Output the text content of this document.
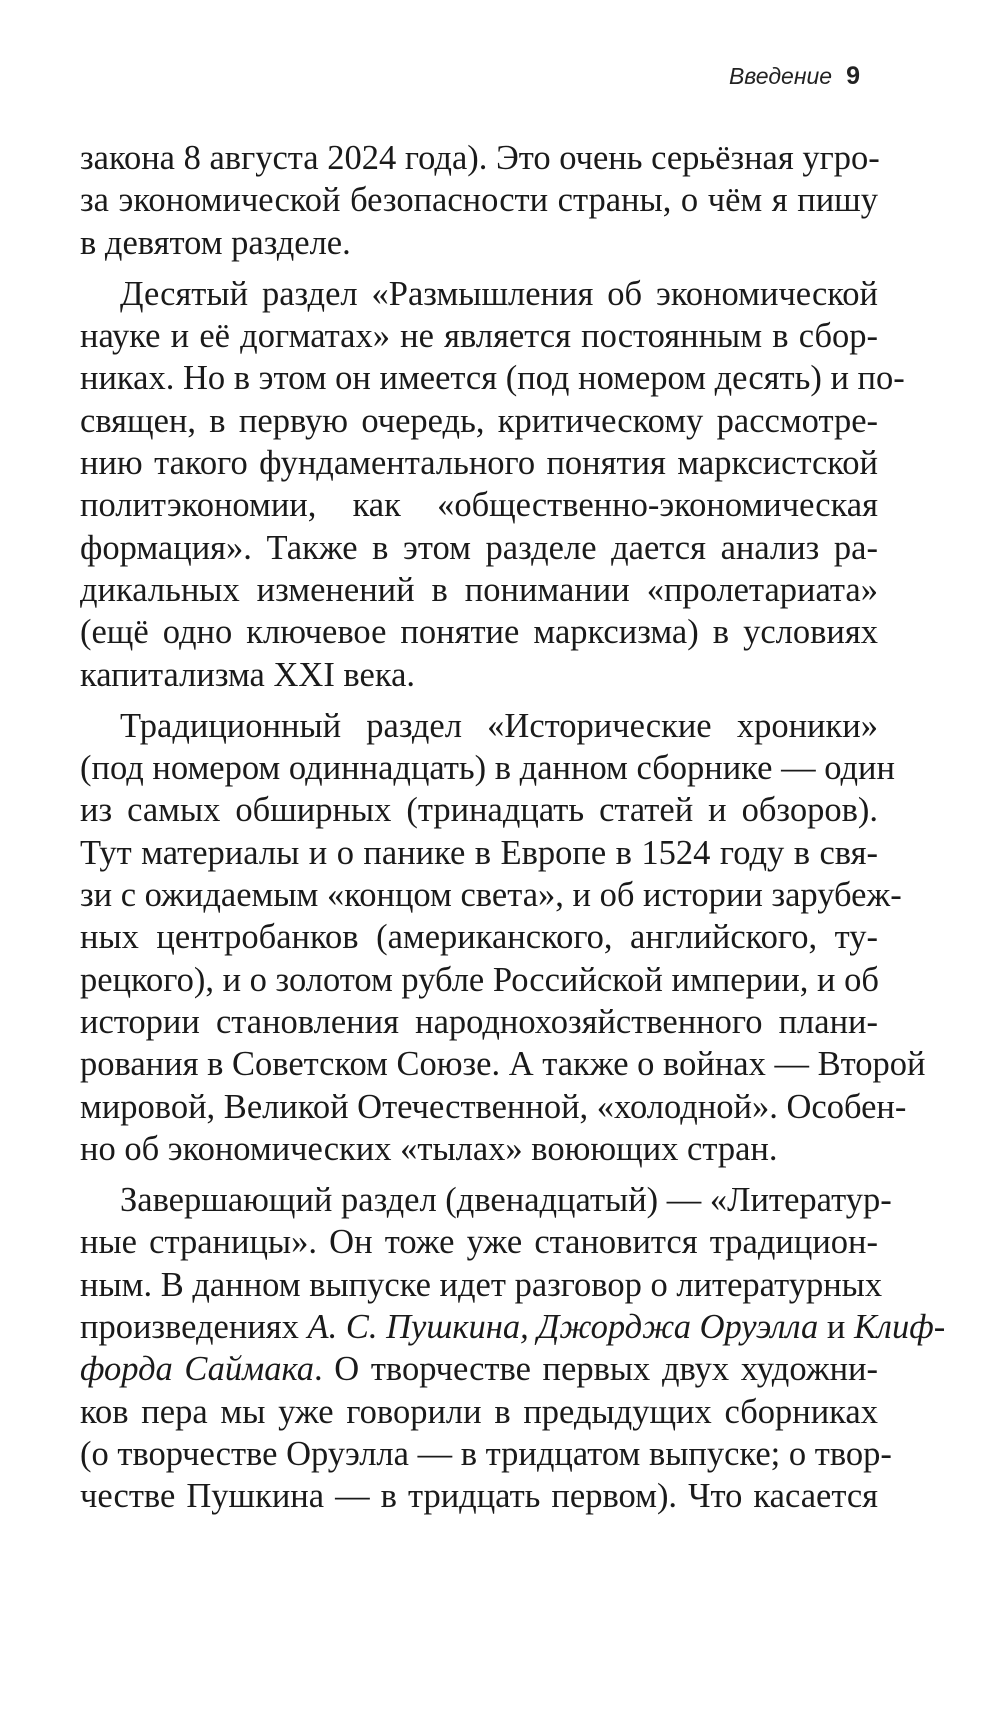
Введение 9
закона 8 августа 2024 года). Это очень серьёзная угро-
за экономической безопасности страны, о чём я пишу
в девятом разделе.
Десятый раздел «Размышления об экономической
науке и её догматах» не является постоянным в сбор-
никах. Но в этом он имеется (под номером десять) и по-
священ, в первую очередь, критическому рассмотре-
нию такого фундаментального понятия марксистской
политэкономии, как «общественно-экономическая
формация». Также в этом разделе дается анализ ра-
дикальных изменений в понимании «пролетариата»
(ещё одно ключевое понятие марксизма) в условиях
капитализма XXI века.
Традиционный раздел «Исторические хроники»
(под номером одиннадцать) в данном сборнике — один
из самых обширных (тринадцать статей и обзоров).
Тут материалы и о панике в Европе в 1524 году в свя-
зи с ожидаемым «концом света», и об истории зарубеж-
ных центробанков (американского, английского, ту-
рецкого), и о золотом рубле Российской империи, и об
истории становления народнохозяйственного плани-
рования в Советском Союзе. А также о войнах — Второй
мировой, Великой Отечественной, «холодной». Особен-
но об экономических «тылах» воюющих стран.
Завершающий раздел (двенадцатый) — «Литератур-
ные страницы». Он тоже уже становится традицион-
ным. В данном выпуске идет разговор о литературных
произведениях А. С. Пушкина, Джорджа Оруэлла и Клиф-
форда Саймака. О творчестве первых двух художни-
ков пера мы уже говорили в предыдущих сборниках
(о творчестве Оруэлла — в тридцатом выпуске; о твор-
честве Пушкина — в тридцать первом). Что касается
